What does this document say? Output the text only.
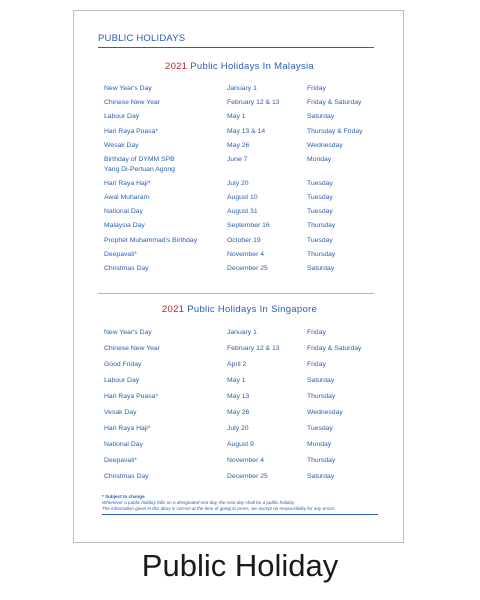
PUBLIC HOLIDAYS
2021 Public Holidays In Malaysia
New Year's Day	January 1	Friday
Chinese New Year	February 12 & 13	Friday & Saturday
Labour Day	May 1	Saturday
Hari Raya Puasa*	May 13 & 14	Thursday & Friday
Wesak Day	May 26	Wednesday
Birthday of DYMM SPB
Yang Di-Pertuan Agong
June 7	Monday
Hari Raya Haji*	July 20	Tuesday
Awal Muharam	August 10	Tuesday
National Day	August 31	Tuesday
Malaysia Day	September 16	Thursday
Prophet Muhammad's Birthday	October 19	Tuesday
Deepavali*	November 4	Thursday
Christmas Day	December 25	Saturday
2021 Public Holidays In Singapore
New Year's Day	January 1	Friday
Chinese New Year	February 12 & 13	Friday & Saturday
Good Friday	April 2	Friday
Labour Day	May 1	Saturday
Hari Raya Puasa*	May 13	Thursday
Vesak Day	May 26	Wednesday
Hari Raya Haji*	July 20	Tuesday
National Day	August 9	Monday
Deepavali*	November 4	Thursday
Christmas Day	December 25	Saturday
* Subject to change
Whenever a public holiday falls on a designated rest day, the next day shall be a public holiday.
The information given in this diary is correct at the time of going to press, we accept no responsibility for any errors.
Public Holiday
